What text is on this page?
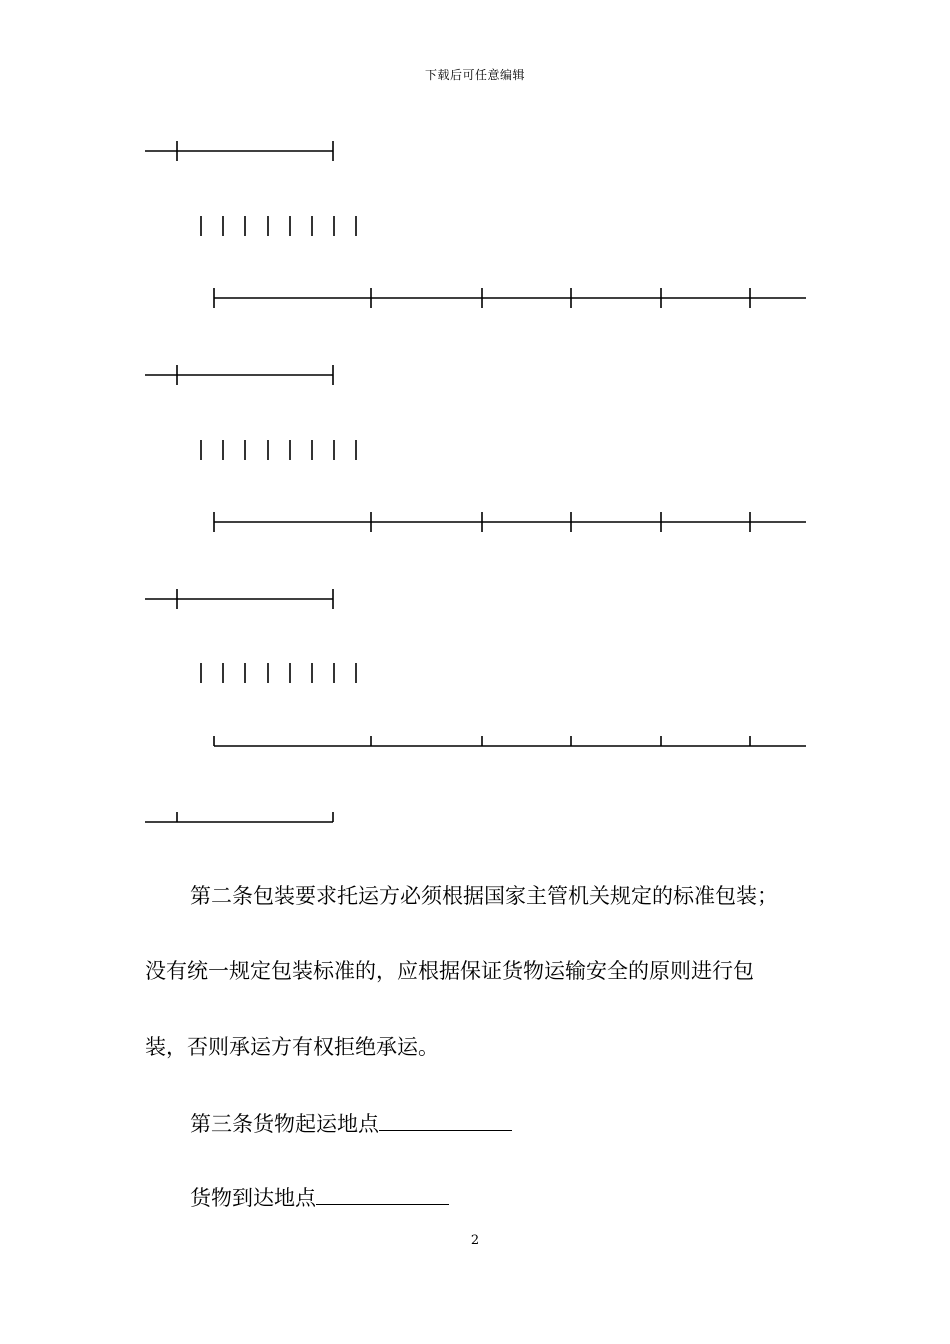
下载后可任意编辑
第二条包装要求托运方必须根据国家主管机关规定的标准包装；
没有统一规定包装标准的，应根据保证货物运输安全的原则进行包
装，否则承运方有权拒绝承运。
第三条货物起运地点
货物到达地点
2
